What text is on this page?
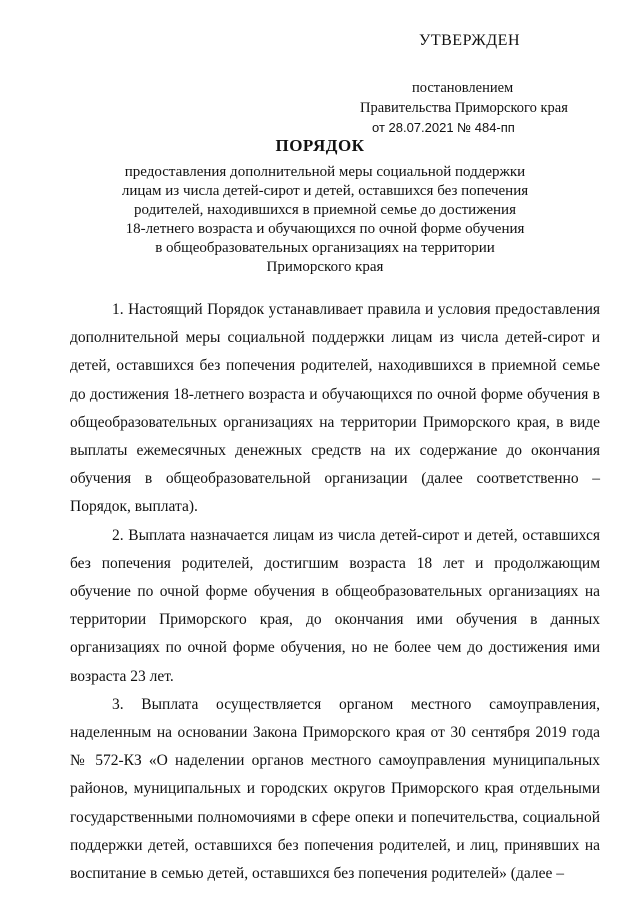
УТВЕРЖДЕН
постановлением
Правительства Приморского края
от 28.07.2021 № 484-пп
ПОРЯДОК
предоставления дополнительной меры социальной поддержки
лицам из числа детей-сирот и детей, оставшихся без попечения
родителей, находившихся в приемной семье до достижения
18-летнего возраста и обучающихся по очной форме обучения
в общеобразовательных организациях на территории
Приморского края

1. Настоящий Порядок устанавливает правила и условия предоставления дополнительной меры социальной поддержки лицам из числа детей-сирот и детей, оставшихся без попечения родителей, находившихся в приемной семье до достижения 18-летнего возраста и обучающихся по очной форме обучения в общеобразовательных организациях на территории Приморского края, в виде выплаты ежемесячных денежных средств на их содержание до окончания обучения в общеобразовательной организации (далее соответственно – Порядок, выплата).

2. Выплата назначается лицам из числа детей-сирот и детей, оставшихся без попечения родителей, достигшим возраста 18 лет и продолжающим обучение по очной форме обучения в общеобразовательных организациях на территории Приморского края, до окончания ими обучения в данных организациях по очной форме обучения, но не более чем до достижения ими возраста 23 лет.

3. Выплата осуществляется органом местного самоуправления, наделенным на основании Закона Приморского края от 30 сентября 2019 года № 572-КЗ «О наделении органов местного самоуправления муниципальных районов, муниципальных и городских округов Приморского края отдельными государственными полномочиями в сфере опеки и попечительства, социальной поддержки детей, оставшихся без попечения родителей, и лиц, принявших на воспитание в семью детей, оставшихся без попечения родителей» (далее –
